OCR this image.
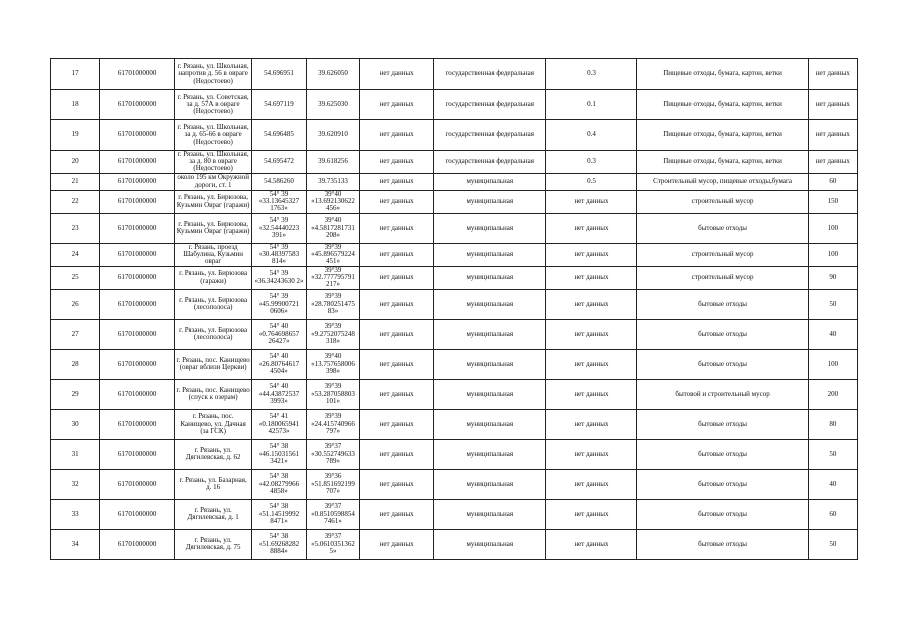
17	61701000000	г. Рязань, ул. Школьная, напротив д. 56 в овраге (Недостоево)	54.696951	39.626050	нет данных	государственная федеральная	0.3	Пищевые отходы, бумага, картон, ветки	нет данных
18	61701000000	г. Рязань, ул. Советская, за д. 57А в овраге (Недостоево)	54.697119	39.625030	нет данных	государственная федеральная	0.1	Пищевые отходы, бумага, картон, ветки	нет данных
19	61701000000	г. Рязань, ул. Школьная, за д. 65-66 в овраге (Недостоево)	54.696485	39.620910	нет данных	государственная федеральная	0.4	Пищевые отходы, бумага, картон, ветки	нет данных
20	61701000000	г. Рязань, ул. Школьная, за д. 80 в овраге (Недостоево)	54.695472	39.618256	нет данных	государственная федеральная	0.3	Пищевые отходы, бумага, картон, ветки	нет данных
21	61701000000	около 195 км Окружной дороги, ст. 1	54.586260	39.735133	нет данных	муниципальная	0.5	Строительный мусор, пищевые отходы,бумага	60
22	61701000000	г. Рязань, ул. Бирюзова, Кузьмин Овраг (гаражи)	54° 39 «33.13645327 1763»	39°40 «13.692130622 456»	нет данных	муниципальная	нет данных	строительный мусор	150
23	61701000000	г. Рязань, ул. Бирюзова, Кузьмин Овраг (гаражи)	54° 39 «32.54440223 391»	39°40 «4.5817281731 208»	нет данных	муниципальная	нет данных	бытовые отходы	100
24	61701000000	г. Рязань, проезд Шабулина, Кузьмин овраг	54° 39 «30.48397583 814»	39°39 «45.896579224 451»	нет данных	муниципальная	нет данных	строительный мусор	100
25	61701000000	г. Рязань, ул. Бирюзова (гаражи)	54° 39 «36.34243630 2»	39°39 «32.777795791 217»	нет данных	муниципальная	нет данных	строительный мусор	90
26	61701000000	г. Рязань, ул. Бирюзова (лесополоса)	54° 39 «45.99900721 0606»	39°39 «28.780251475 83»	нет данных	муниципальная	нет данных	бытовые отходы	50
27	61701000000	г. Рязань, ул. Бирюзова (лесополоса)	54° 40 «0.764698657 26427»	39°39 «9.2752075248 318»	нет данных	муниципальная	нет данных	бытовые отходы	40
28	61701000000	г. Рязань, пос. Канищево (овраг вблизи Церкви)	54° 40 «26.80764617 4504»	39°40 «13.757658006 398»	нет данных	муниципальная	нет данных	бытовые отходы	100
29	61701000000	г. Рязань, пос. Канищево (спуск к озерам)	54° 40 «44.43872537 3993»	39°39 «53.287058803 101»	нет данных	муниципальная	нет данных	бытовой и строительный мусор	200
30	61701000000	г. Рязань, пос. Канищево, ул. Дачная (за ГСК)	54° 41 «0.180065941 42573»	39°39 «24.415740966 797»	нет данных	муниципальная	нет данных	бытовые отходы	80
31	61701000000	г. Рязань, ул. Дягилевская, д. 62	54° 38 «46.15031561 3421»	39°37 «30.552749633 789»	нет данных	муниципальная	нет данных	бытовые отходы	50
32	61701000000	г. Рязань, ул. Базарная, д. 16	54° 38 «42.08279966 4858»	39°36 «51.851692199 707»	нет данных	муниципальная	нет данных	бытовые отходы	40
33	61701000000	г. Рязань, ул. Дягилевская, д. 1	54° 38 «51.14519992 8471»	39°37 «0.8510598854 7461»	нет данных	муниципальная	нет данных	бытовые отходы	60
34	61701000000	г. Рязань, ул. Дягилевская, д. 75	54° 38 «51.69268282 8884»	39°37 «5.0610351362 5»	нет данных	муниципальная	нет данных	бытовые отходы	50
